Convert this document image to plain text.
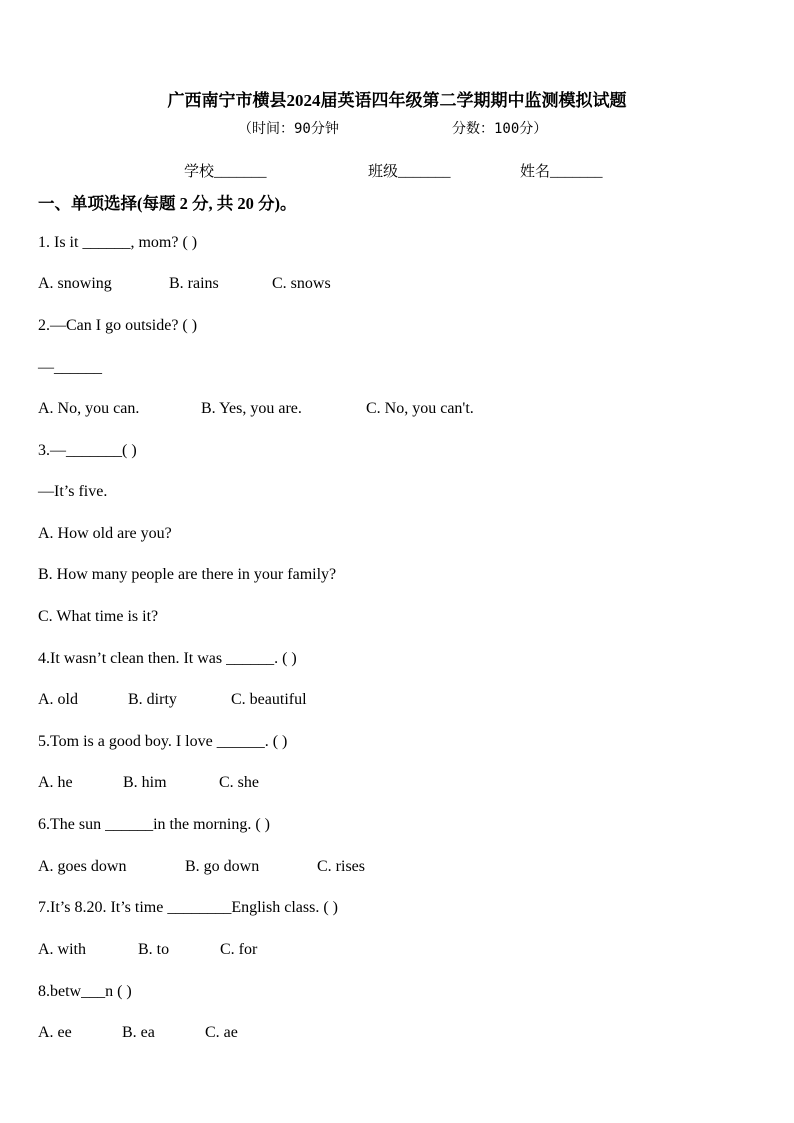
广西南宁市横县2024届英语四年级第二学期期中监测模拟试题
（时间：90分钟	分数：100分）
学校_______	班级_______	姓名_______
一、单项选择(每题 2 分, 共 20 分)。
1. Is it ______, mom? ( )
A. snowing	B. rains	C. snows
2.—Can I go outside? ( )
—______
A. No, you can.	B. Yes, you are.	C. No, you can't.
3.—_______( )
—It’s five.
A. How old are you?
B. How many people are there in your family?
C. What time is it?
4.It wasn’t clean then. It was ______. ( )
A. old	B. dirty	C. beautiful
5.Tom is a good boy. I love ______. ( )
A. he	B. him	C. she
6.The sun ______in the morning. ( )
A. goes down	B. go down	C. rises
7.It’s 8.20. It’s time ________English class. ( )
A. with	B. to	C. for
8.betw___n ( )
A. ee	B. ea	C. ae
